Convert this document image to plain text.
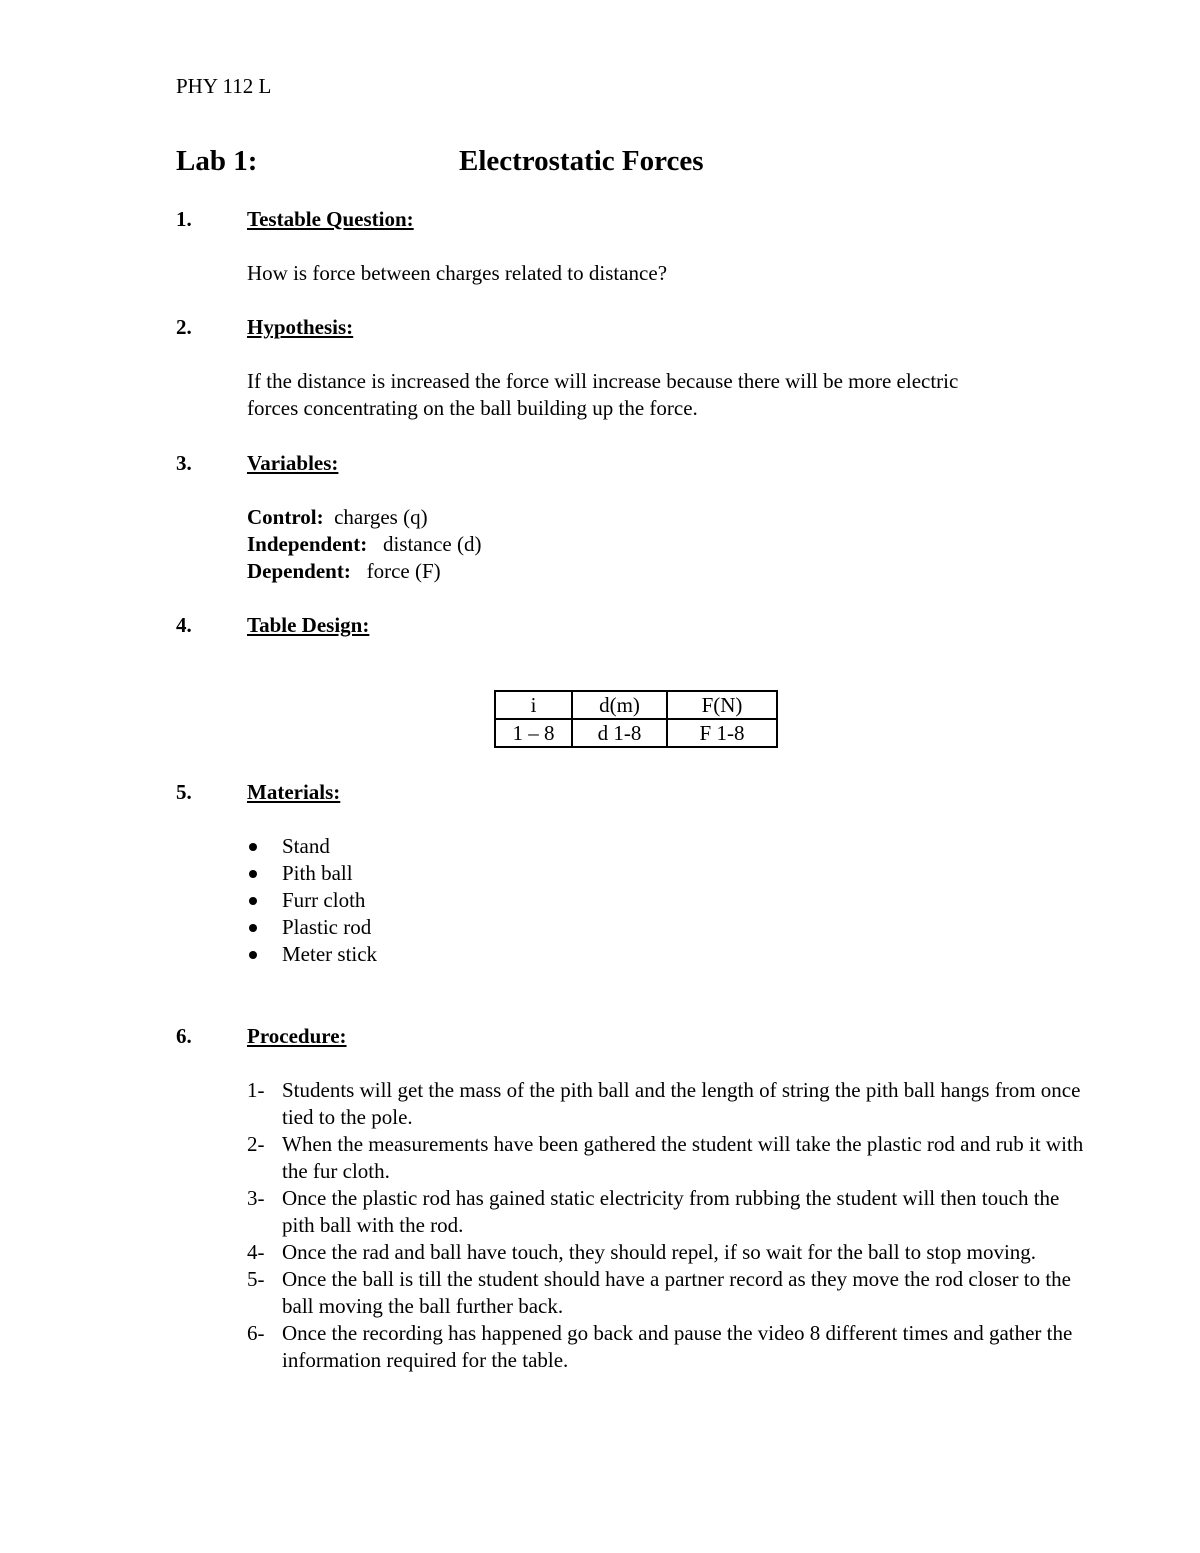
PHY 112 L
Lab 1:	Electrostatic Forces
1.	Testable Question:
How is force between charges related to distance?
2.	Hypothesis:
If the distance is increased the force will increase because there will be more electric
forces concentrating on the ball building up the force.
3.	Variables:
Control: charges (q)
Independent: distance (d)
Dependent: force (F)
4.	Table Design:
i	d(m)	F(N)
1 – 8	d 1-8	F 1-8
5.	Materials:
Stand
Pith ball
Furr cloth
Plastic rod
Meter stick
6.	Procedure:
1- Students will get the mass of the pith ball and the length of string the pith ball hangs from once tied to the pole.
2- When the measurements have been gathered the student will take the plastic rod and rub it with the fur cloth.
3- Once the plastic rod has gained static electricity from rubbing the student will then touch the pith ball with the rod.
4- Once the rad and ball have touch, they should repel, if so wait for the ball to stop moving.
5- Once the ball is till the student should have a partner record as they move the rod closer to the ball moving the ball further back.
6- Once the recording has happened go back and pause the video 8 different times and gather the information required for the table.
